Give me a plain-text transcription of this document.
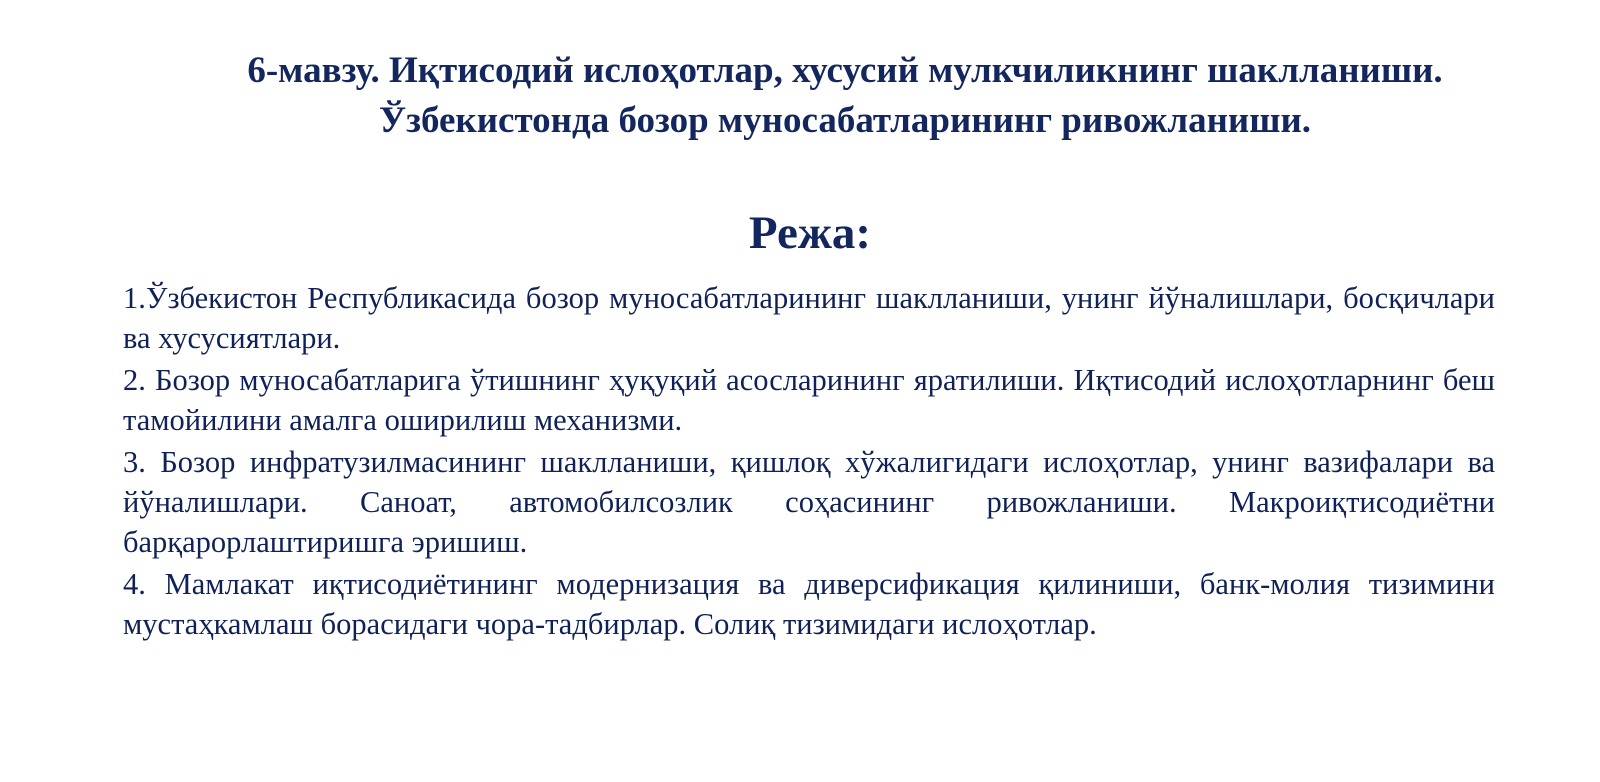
6-мавзу. Иқтисодий ислоҳотлар, хусусий мулкчиликнинг шаклланиши.
Ўзбекистонда бозор муносабатларининг ривожланиши.
Режа:
1.Ўзбекистон Республикасида бозор муносабатларининг шаклланиши, унинг йўналишлари, босқичлари ва хусусиятлари.
2. Бозор муносабатларига ўтишнинг ҳуқуқий асосларининг яратилиши. Иқтисодий ислоҳотларнинг беш тамойилини амалга оширилиш механизми.
3. Бозор инфратузилмасининг шаклланиши, қишлоқ хўжалигидаги ислоҳотлар, унинг вазифалари ва йўналишлари. Саноат, автомобилсозлик соҳасининг ривожланиши. Макроиқтисодиётни барқарорлаштиришга эришиш.
4. Мамлакат иқтисодиётининг модернизация ва диверсификация қилиниши, банк-молия тизимини мустаҳкамлаш борасидаги чора-тадбирлар. Солиқ тизимидаги ислоҳотлар.
